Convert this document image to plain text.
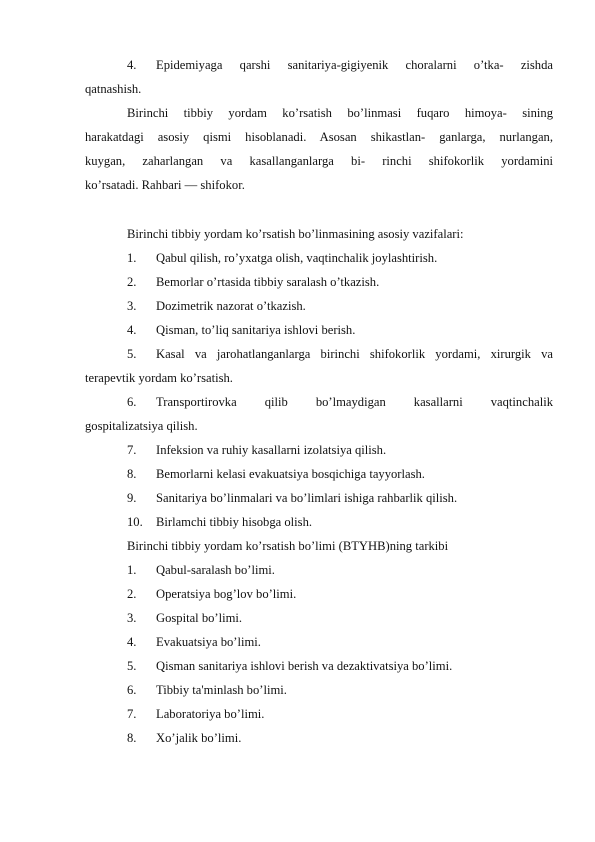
4.	Epidemiyaga qarshi sanitariya-gigiyenik choralarni o’tka- zishda
qatnashish.
Birinchi tibbiy yordam ko’rsatish bo’linmasi fuqaro himoya- sining
harakatdagi asosiy qismi hisoblanadi. Asosan shikastlan- ganlarga, nurlangan,
kuygan, zaharlangan va kasallanganlarga bi- rinchi shifokorlik yordamini
ko’rsatadi. Rahbari — shifokor.
Birinchi tibbiy yordam ko’rsatish bo’linmasining asosiy vazifalari:
1.	Qabul qilish, ro’yxatga olish, vaqtinchalik joylashtirish.
2.	Bemorlar o’rtasida tibbiy saralash o’tkazish.
3.	Dozimetrik nazorat o’tkazish.
4.	Qisman, to’liq sanitariya ishlovi berish.
5.	Kasal va jarohatlanganlarga birinchi shifokorlik yordami, xirurgik va
terapevtik yordam ko’rsatish.
6.	Transportirovka qilib bo’lmaydigan kasallarni vaqtinchalik
gospitalizatsiya qilish.
7.	Infeksion va ruhiy kasallarni izolatsiya qilish.
8.	Bemorlarni kelasi evakuatsiya bosqichiga tayyorlash.
9.	Sanitariya bo’linmalari va bo’limlari ishiga rahbarlik qilish.
10.	Birlamchi tibbiy hisobga olish.
Birinchi tibbiy yordam ko’rsatish bo’limi (BTYHB)ning tarkibi
1.	Qabul-saralash bo’limi.
2.	Operatsiya bog’lov bo’limi.
3.	Gospital bo’limi.
4.	Evakuatsiya bo’limi.
5.	Qisman sanitariya ishlovi berish va dezaktivatsiya bo’limi.
6.	Tibbiy ta'minlash bo’limi.
7.	Laboratoriya bo’limi.
8.	Xo’jalik bo’limi.
